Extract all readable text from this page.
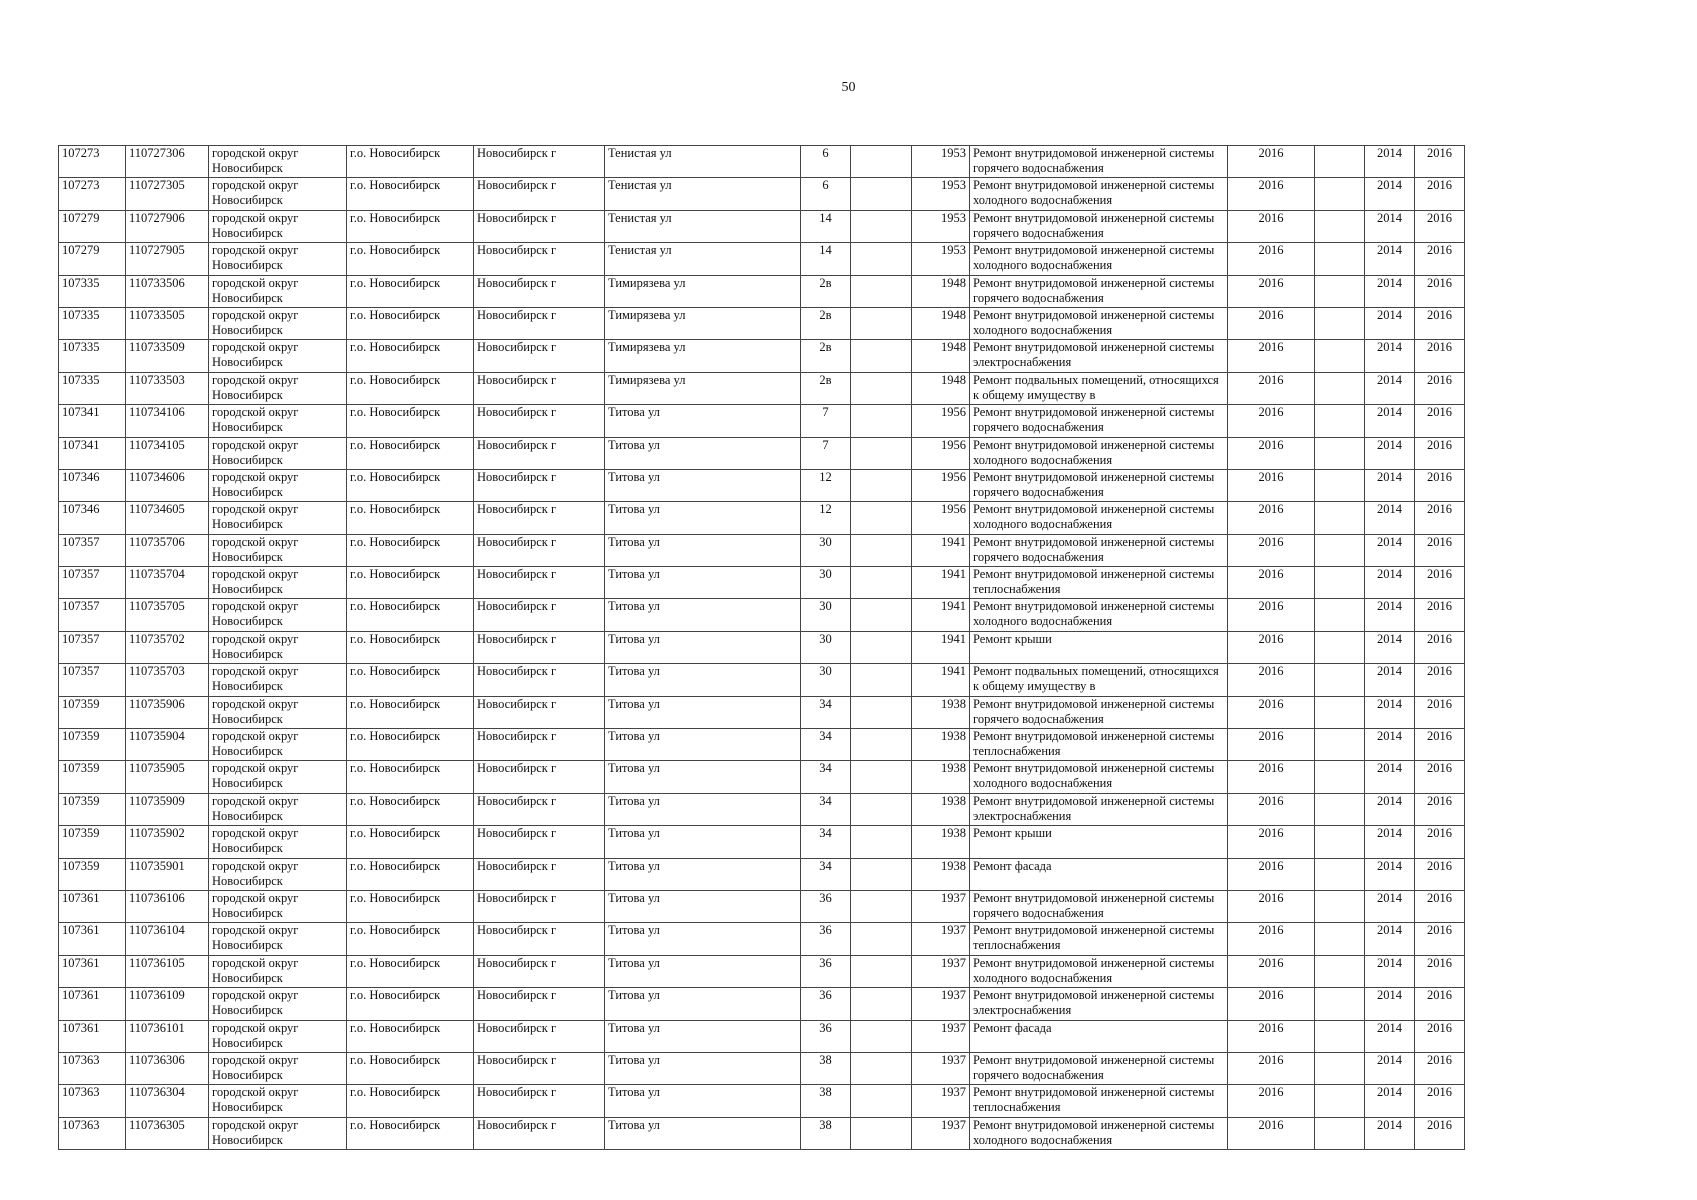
50
107273	110727306	городской округ Новосибирск	г.о. Новосибирск	Новосибирск г	Тенистая ул	6		1953	Ремонт внутридомовой инженерной системы горячего водоснабжения	2016		2014	2016

107273	110727305	городской округ Новосибирск	г.о. Новосибирск	Новосибирск г	Тенистая ул	6		1953	Ремонт внутридомовой инженерной системы холодного водоснабжения	2016		2014	2016

107279	110727906	городской округ Новосибирск	г.о. Новосибирск	Новосибирск г	Тенистая ул	14		1953	Ремонт внутридомовой инженерной системы горячего водоснабжения	2016		2014	2016

107279	110727905	городской округ Новосибирск	г.о. Новосибирск	Новосибирск г	Тенистая ул	14		1953	Ремонт внутридомовой инженерной системы холодного водоснабжения	2016		2014	2016

107335	110733506	городской округ Новосибирск	г.о. Новосибирск	Новосибирск г	Тимирязева ул	2в		1948	Ремонт внутридомовой инженерной системы горячего водоснабжения	2016		2014	2016

107335	110733505	городской округ Новосибирск	г.о. Новосибирск	Новосибирск г	Тимирязева ул	2в		1948	Ремонт внутридомовой инженерной системы холодного водоснабжения	2016		2014	2016

107335	110733509	городской округ Новосибирск	г.о. Новосибирск	Новосибирск г	Тимирязева ул	2в		1948	Ремонт внутридомовой инженерной системы электроснабжения	2016		2014	2016

107335	110733503	городской округ Новосибирск	г.о. Новосибирск	Новосибирск г	Тимирязева ул	2в		1948	Ремонт подвальных помещений, относящихся к общему имуществу в	2016		2014	2016

107341	110734106	городской округ Новосибирск	г.о. Новосибирск	Новосибирск г	Титова ул	7		1956	Ремонт внутридомовой инженерной системы горячего водоснабжения	2016		2014	2016

107341	110734105	городской округ Новосибирск	г.о. Новосибирск	Новосибирск г	Титова ул	7		1956	Ремонт внутридомовой инженерной системы холодного водоснабжения	2016		2014	2016

107346	110734606	городской округ Новосибирск	г.о. Новосибирск	Новосибирск г	Титова ул	12		1956	Ремонт внутридомовой инженерной системы горячего водоснабжения	2016		2014	2016

107346	110734605	городской округ Новосибирск	г.о. Новосибирск	Новосибирск г	Титова ул	12		1956	Ремонт внутридомовой инженерной системы холодного водоснабжения	2016		2014	2016

107357	110735706	городской округ Новосибирск	г.о. Новосибирск	Новосибирск г	Титова ул	30		1941	Ремонт внутридомовой инженерной системы горячего водоснабжения	2016		2014	2016

107357	110735704	городской округ Новосибирск	г.о. Новосибирск	Новосибирск г	Титова ул	30		1941	Ремонт внутридомовой инженерной системы теплоснабжения	2016		2014	2016

107357	110735705	городской округ Новосибирск	г.о. Новосибирск	Новосибирск г	Титова ул	30		1941	Ремонт внутридомовой инженерной системы холодного водоснабжения	2016		2014	2016

107357	110735702	городской округ Новосибирск	г.о. Новосибирск	Новосибирск г	Титова ул	30		1941	Ремонт крыши	2016		2014	2016

107357	110735703	городской округ Новосибирск	г.о. Новосибирск	Новосибирск г	Титова ул	30		1941	Ремонт подвальных помещений, относящихся к общему имуществу в	2016		2014	2016

107359	110735906	городской округ Новосибирск	г.о. Новосибирск	Новосибирск г	Титова ул	34		1938	Ремонт внутридомовой инженерной системы горячего водоснабжения	2016		2014	2016

107359	110735904	городской округ Новосибирск	г.о. Новосибирск	Новосибирск г	Титова ул	34		1938	Ремонт внутридомовой инженерной системы теплоснабжения	2016		2014	2016

107359	110735905	городской округ Новосибирск	г.о. Новосибирск	Новосибирск г	Титова ул	34		1938	Ремонт внутридомовой инженерной системы холодного водоснабжения	2016		2014	2016

107359	110735909	городской округ Новосибирск	г.о. Новосибирск	Новосибирск г	Титова ул	34		1938	Ремонт внутридомовой инженерной системы электроснабжения	2016		2014	2016

107359	110735902	городской округ Новосибирск	г.о. Новосибирск	Новосибирск г	Титова ул	34		1938	Ремонт крыши	2016		2014	2016

107359	110735901	городской округ Новосибирск	г.о. Новосибирск	Новосибирск г	Титова ул	34		1938	Ремонт фасада	2016		2014	2016

107361	110736106	городской округ Новосибирск	г.о. Новосибирск	Новосибирск г	Титова ул	36		1937	Ремонт внутридомовой инженерной системы горячего водоснабжения	2016		2014	2016

107361	110736104	городской округ Новосибирск	г.о. Новосибирск	Новосибирск г	Титова ул	36		1937	Ремонт внутридомовой инженерной системы теплоснабжения	2016		2014	2016

107361	110736105	городской округ Новосибирск	г.о. Новосибирск	Новосибирск г	Титова ул	36		1937	Ремонт внутридомовой инженерной системы холодного водоснабжения	2016		2014	2016

107361	110736109	городской округ Новосибирск	г.о. Новосибирск	Новосибирск г	Титова ул	36		1937	Ремонт внутридомовой инженерной системы электроснабжения	2016		2014	2016

107361	110736101	городской округ Новосибирск	г.о. Новосибирск	Новосибирск г	Титова ул	36		1937	Ремонт фасада	2016		2014	2016

107363	110736306	городской округ Новосибирск	г.о. Новосибирск	Новосибирск г	Титова ул	38		1937	Ремонт внутридомовой инженерной системы горячего водоснабжения	2016		2014	2016

107363	110736304	городской округ Новосибирск	г.о. Новосибирск	Новосибирск г	Титова ул	38		1937	Ремонт внутридомовой инженерной системы теплоснабжения	2016		2014	2016

107363	110736305	городской округ Новосибирск	г.о. Новосибирск	Новосибирск г	Титова ул	38		1937	Ремонт внутридомовой инженерной системы холодного водоснабжения	2016		2014	2016
